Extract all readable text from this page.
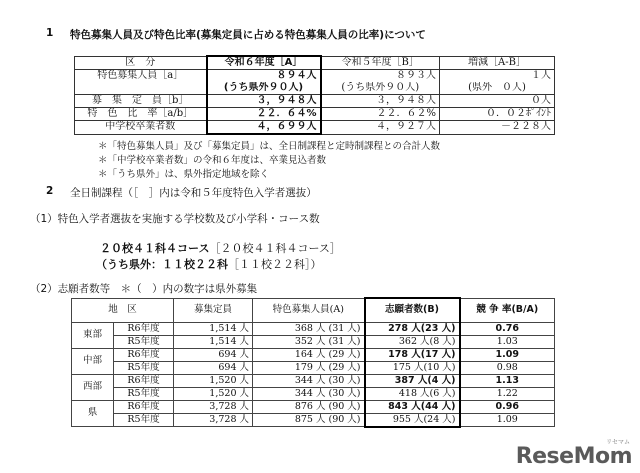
1 特色募集人員及び特色比率(募集定員に占める特色募集人員の比率)について
区　分	令和６年度［A］	令和５年度［B］	増減［A-B］
特色募集人員［a］	８９４人	８９３人	１人
	(うち県外９０人)	(うち県外９０人)	(県外　０人)
募　集　定　員［b］	３，９４８人	３，９４８人	０人
特　色　比　率［a/b］	２２．６４%	２２．６２%	０．０２ﾎﾟｲﾝﾄ
中学校卒業者数	４，６９９人	４，９２７人	－２２８人
＊「特色募集人員」及び「募集定員」は、全日制課程と定時制課程との合計人数
＊「中学校卒業者数」の令和６年度は、卒業見込者数
＊「うち県外」は、県外指定地域を除く
2 全日制課程（［　］内は令和５年度特色入学者選抜）
（1）特色入学者選抜を実施する学校数及び小学科・コース数
２０校４１科４コース［２０校４１科４コース］
（うち県外：１１校２２科［１１校２２科］）
（2）志願者数等　＊（　）内の数字は県外募集
地　区		募集定員	特色募集人員(A)	志願者数(B)	競 争 率(B/A)
東部	R6年度	1,514 人	368 人 (31 人)	278 人(23 人)	0.76
	R5年度	1,514 人	352 人 (31 人)	362 人(8 人)	1.03
中部	R6年度	694 人	164 人 (29 人)	178 人(17 人)	1.09
	R5年度	694 人	179 人 (29 人)	175 人(10 人)	0.98
西部	R6年度	1,520 人	344 人 (30 人)	387 人(4 人)	1.13
	R5年度	1,520 人	344 人 (30 人)	418 人(6 人)	1.22
県	R6年度	3,728 人	876 人 (90 人)	843 人(44 人)	0.96
	R5年度	3,728 人	875 人 (90 人)	955 人(24 人)	1.09
リセマム
ReseMom
